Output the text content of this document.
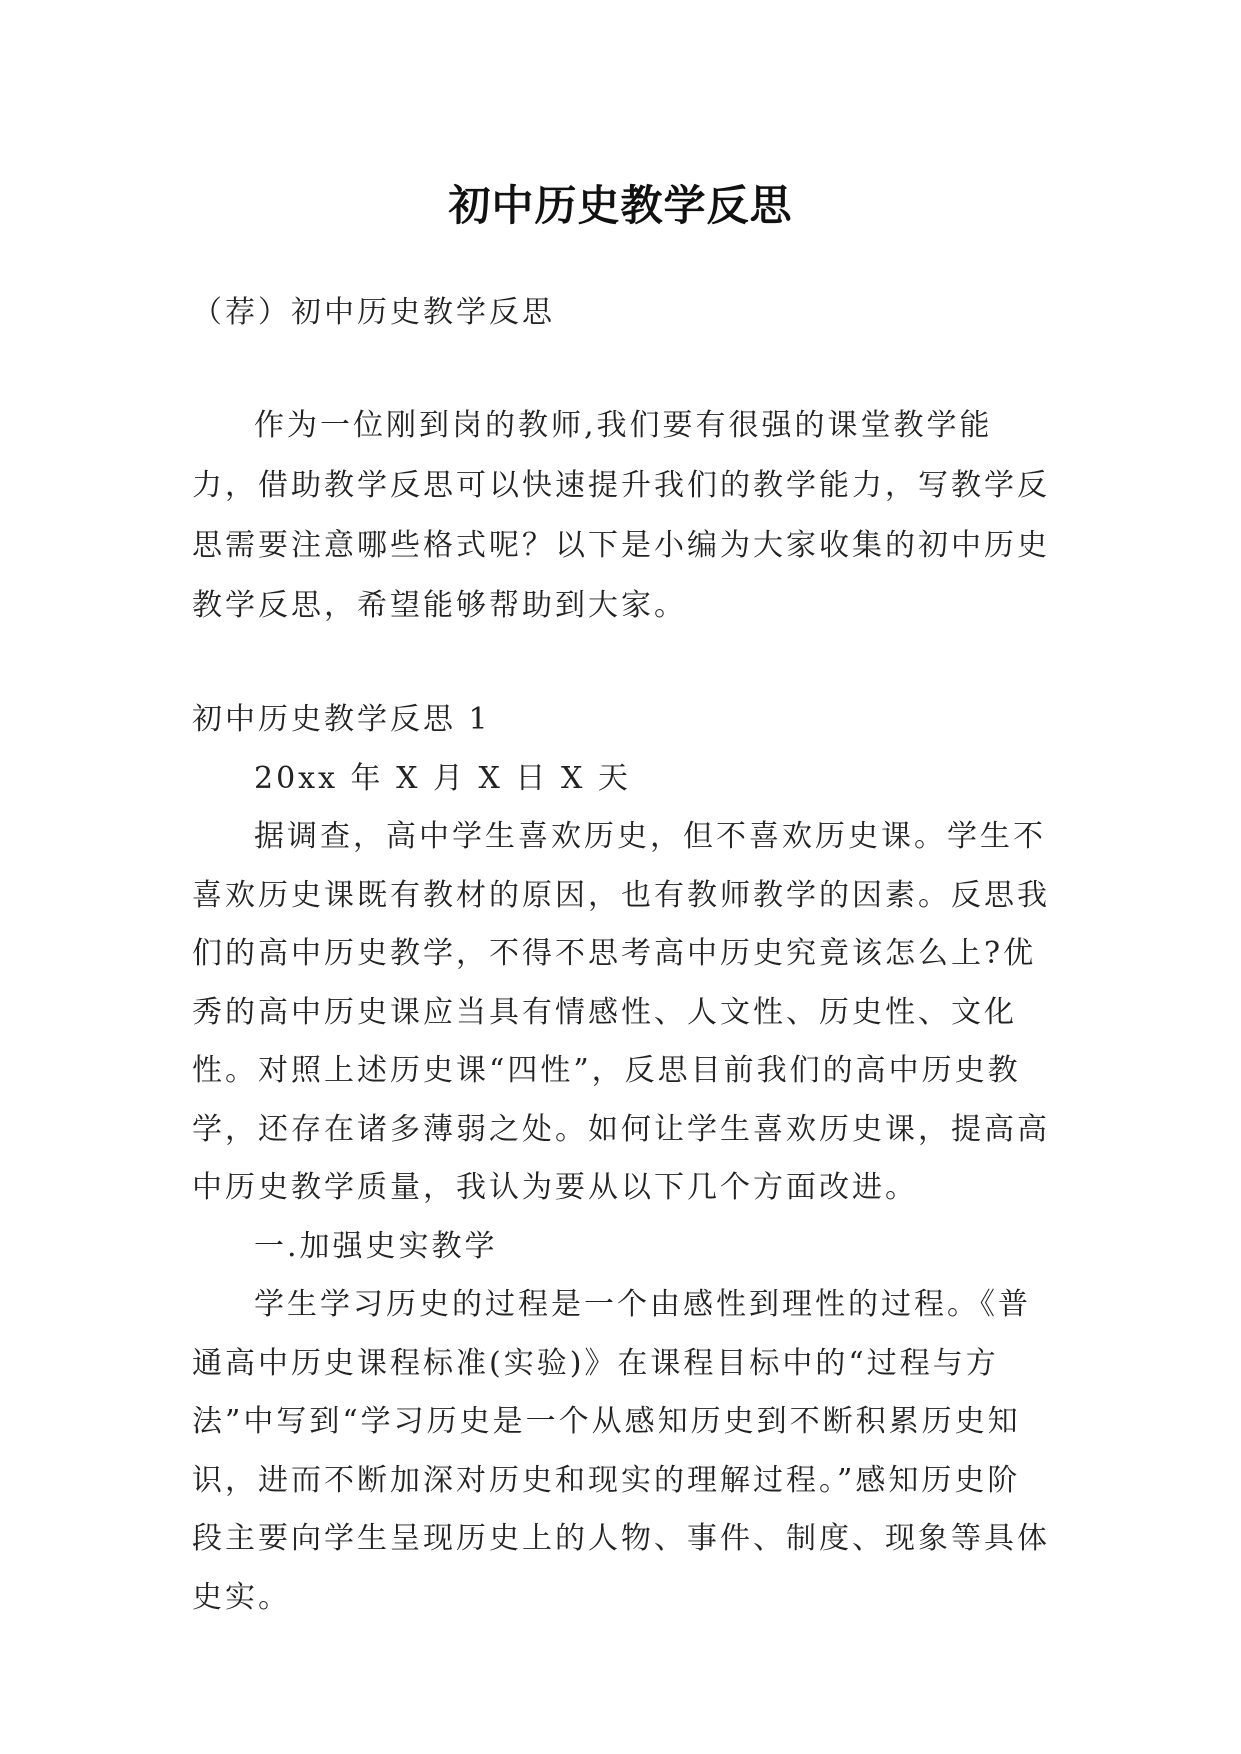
初中历史教学反思

（荐）初中历史教学反思

作为一位刚到岗的教师,我们要有很强的课堂教学能力，借助教学反思可以快速提升我们的教学能力，写教学反思需要注意哪些格式呢？以下是小编为大家收集的初中历史教学反思，希望能够帮助到大家。

初中历史教学反思 1

20xx 年 X 月 X 日 X 天

据调查，高中学生喜欢历史，但不喜欢历史课。学生不喜欢历史课既有教材的原因，也有教师教学的因素。反思我们的高中历史教学，不得不思考高中历史究竟该怎么上?优秀的高中历史课应当具有情感性、人文性、历史性、文化性。对照上述历史课“四性”，反思目前我们的高中历史教学，还存在诸多薄弱之处。如何让学生喜欢历史课，提高高中历史教学质量，我认为要从以下几个方面改进。

一.加强史实教学

学生学习历史的过程是一个由感性到理性的过程。《普通高中历史课程标准(实验)》在课程目标中的“过程与方法”中写到“学习历史是一个从感知历史到不断积累历史知识，进而不断加深对历史和现实的理解过程。”感知历史阶段主要向学生呈现历史上的人物、事件、制度、现象等具体史实。
